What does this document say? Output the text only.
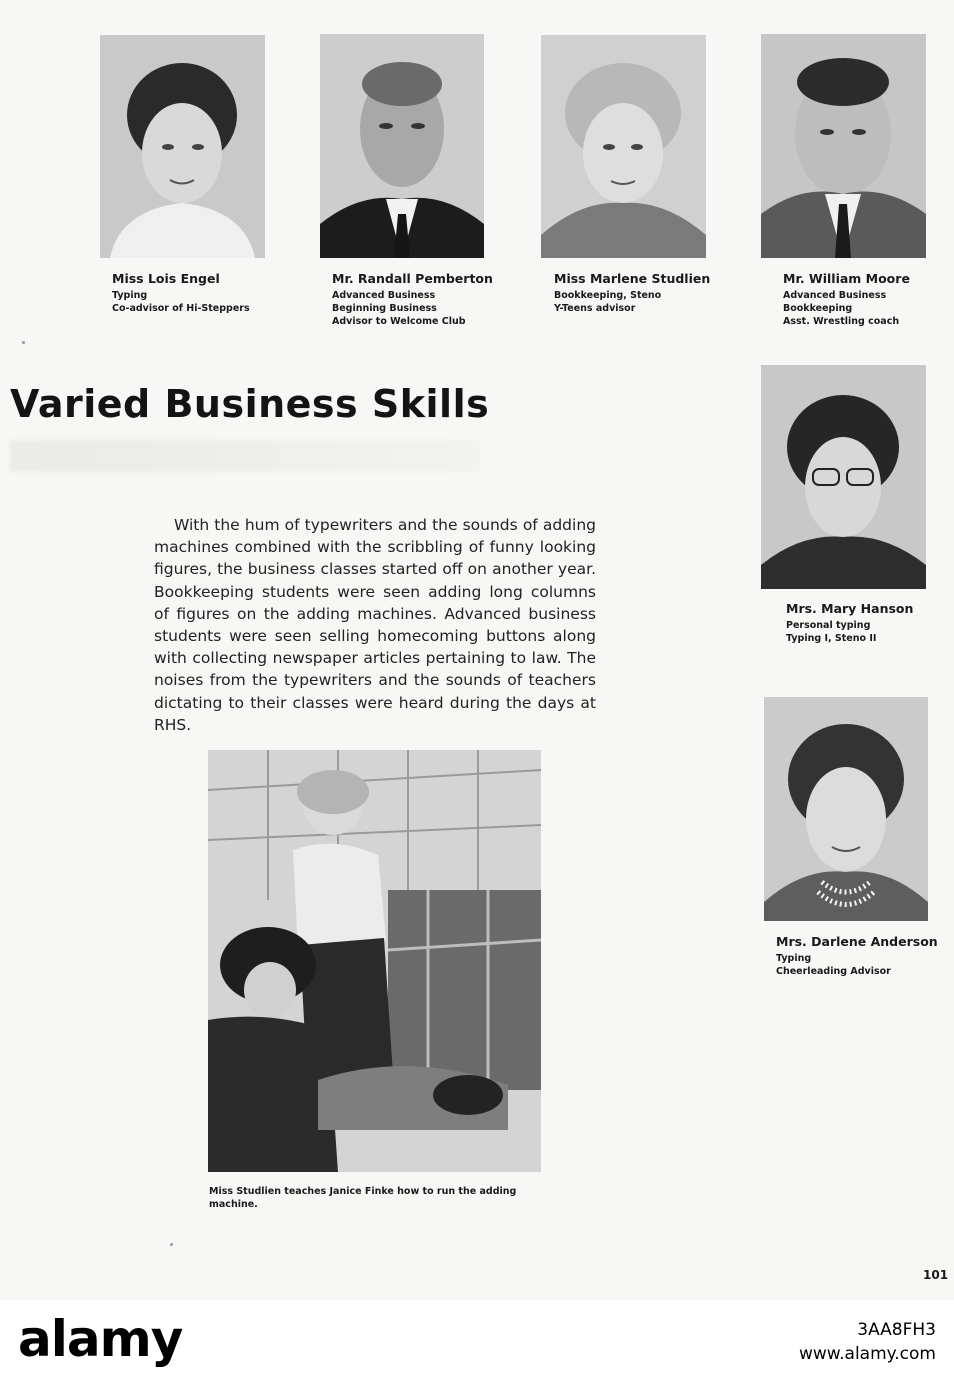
Miss Lois Engel
Typing
Co-advisor of Hi-Steppers
Mr. Randall Pemberton
Advanced Business
Beginning Business
Advisor to Welcome Club
Miss Marlene Studlien
Bookkeeping, Steno
Y-Teens advisor
Mr. William Moore
Advanced Business
Bookkeeping
Asst. Wrestling coach
Varied Business Skills

With the hum of typewriters and the sounds of adding machines combined with the scribbling of funny looking figures, the business classes started off on another year. Bookkeeping students were seen adding long columns of figures on the adding machines. Advanced business students were seen selling homecoming buttons along with collecting newspaper articles pertaining to law. The noises from the typewriters and the sounds of teachers dictating to their classes were heard during the days at RHS.

Mrs. Mary Hanson
Personal typing
Typing I, Steno II
Mrs. Darlene Anderson
Typing
Cheerleading Advisor
Miss Studlien teaches Janice Finke how to run the adding machine.
101
alamy	3AA8FH3
www.alamy.com
